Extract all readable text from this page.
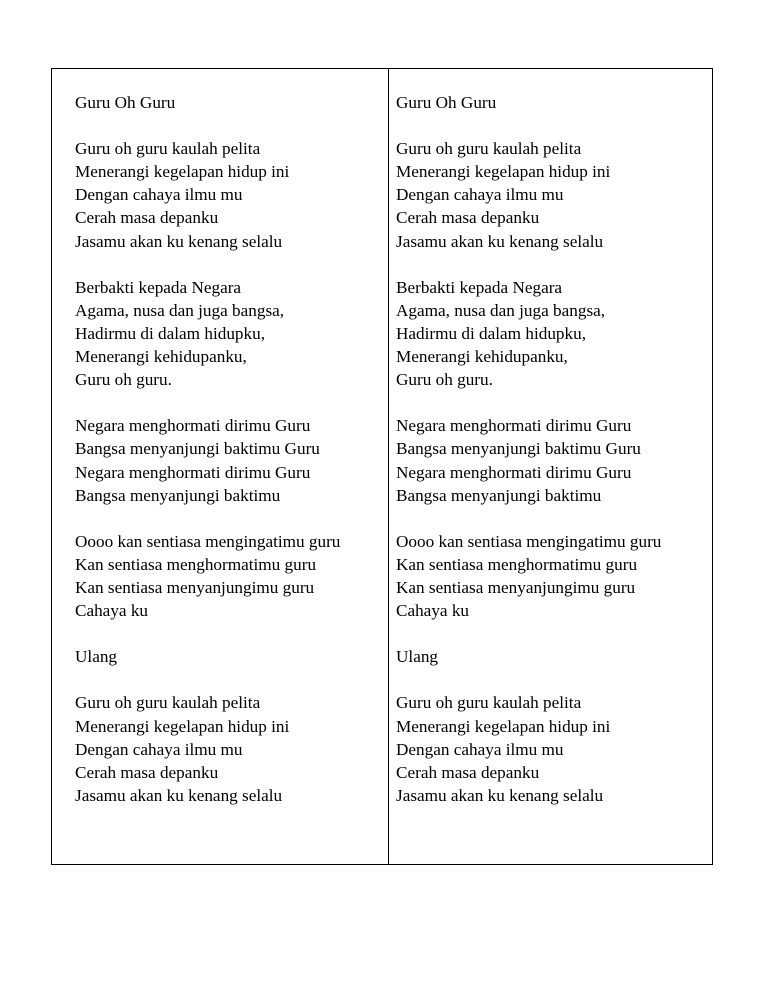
Guru Oh Guru
Guru oh guru kaulah pelita
Menerangi kegelapan hidup ini
Dengan cahaya ilmu mu
Cerah masa depanku
Jasamu akan ku kenang selalu
Berbakti kepada Negara
Agama, nusa dan juga bangsa,
Hadirmu di dalam hidupku,
Menerangi kehidupanku,
Guru oh guru.
Negara menghormati dirimu Guru
Bangsa menyanjungi baktimu Guru
Negara menghormati dirimu Guru
Bangsa menyanjungi baktimu
Oooo kan sentiasa mengingatimu guru
Kan sentiasa menghormatimu guru
Kan sentiasa menyanjungimu guru
Cahaya ku
Ulang
Guru oh guru kaulah pelita
Menerangi kegelapan hidup ini
Dengan cahaya ilmu mu
Cerah masa depanku
Jasamu akan ku kenang selalu
Guru Oh Guru
Guru oh guru kaulah pelita
Menerangi kegelapan hidup ini
Dengan cahaya ilmu mu
Cerah masa depanku
Jasamu akan ku kenang selalu
Berbakti kepada Negara
Agama, nusa dan juga bangsa,
Hadirmu di dalam hidupku,
Menerangi kehidupanku,
Guru oh guru.
Negara menghormati dirimu Guru
Bangsa menyanjungi baktimu Guru
Negara menghormati dirimu Guru
Bangsa menyanjungi baktimu
Oooo kan sentiasa mengingatimu guru
Kan sentiasa menghormatimu guru
Kan sentiasa menyanjungimu guru
Cahaya ku
Ulang
Guru oh guru kaulah pelita
Menerangi kegelapan hidup ini
Dengan cahaya ilmu mu
Cerah masa depanku
Jasamu akan ku kenang selalu
